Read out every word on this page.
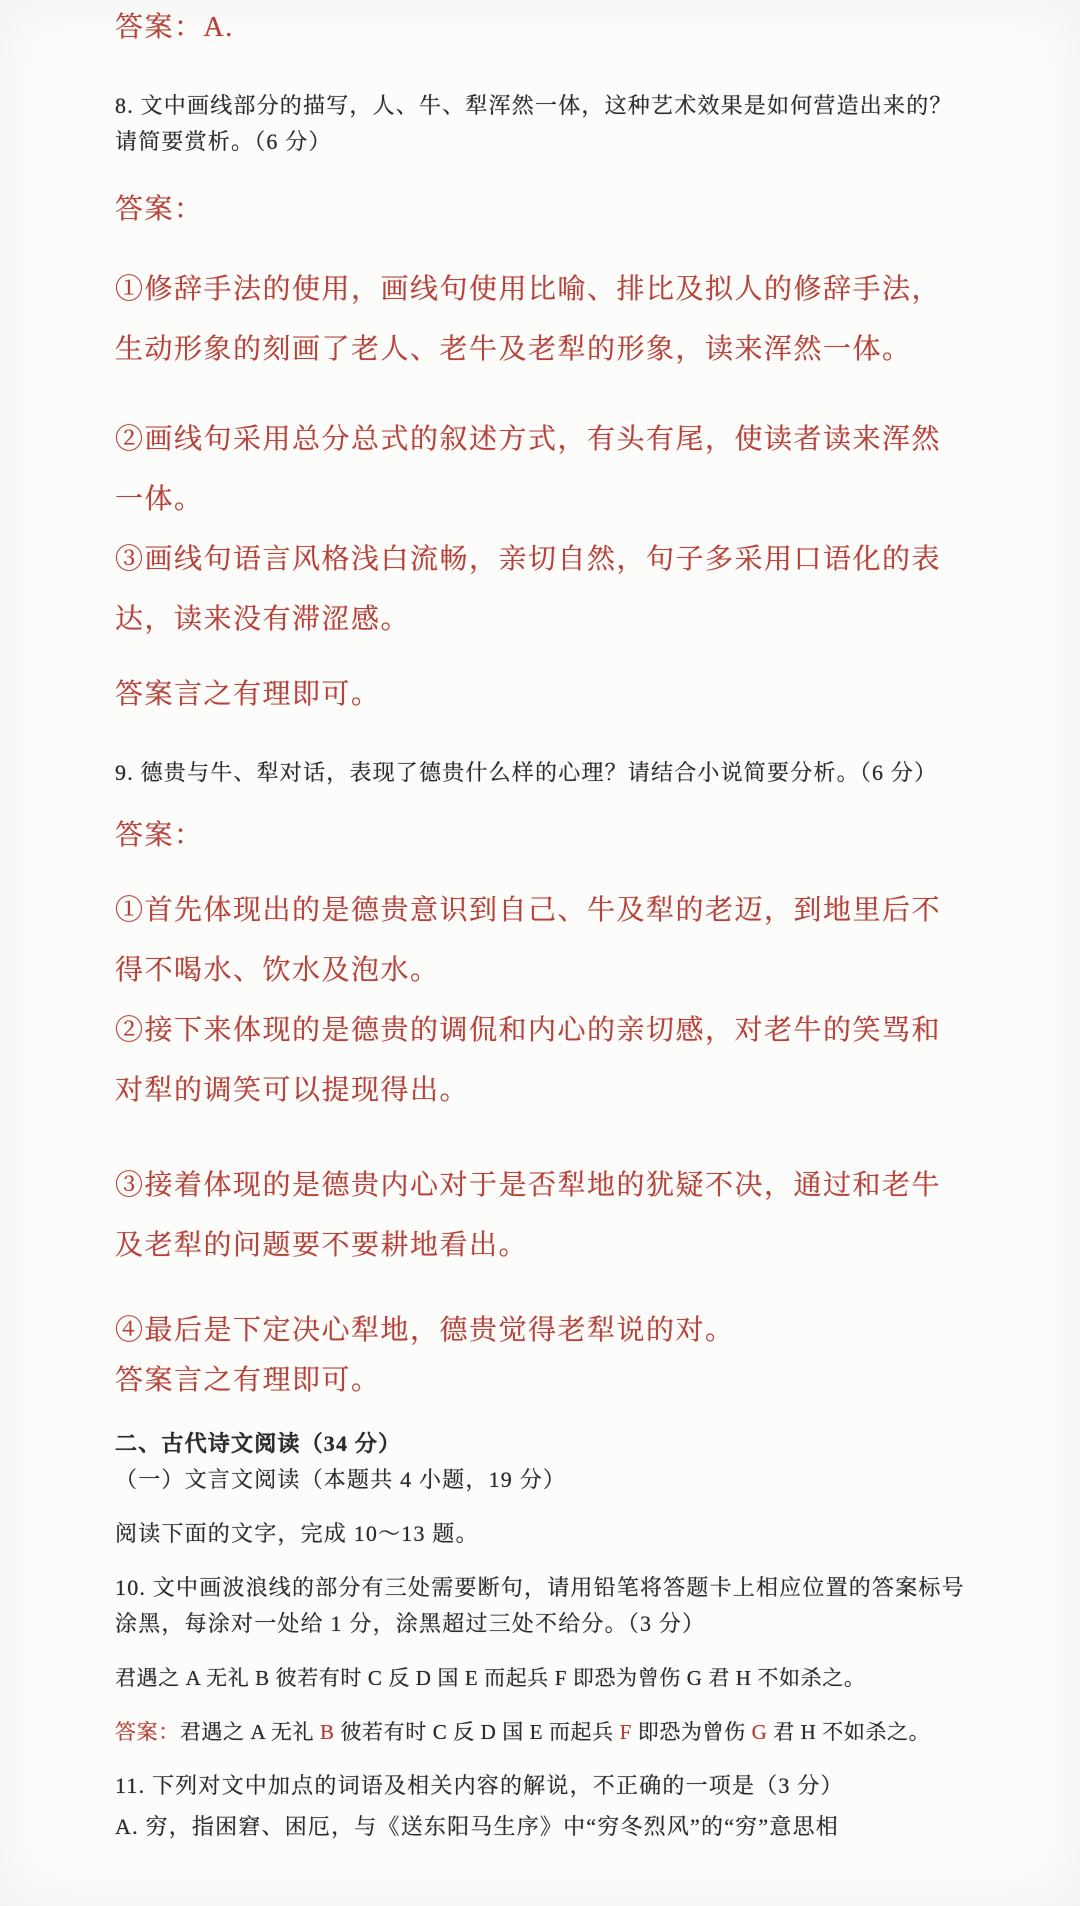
答案：A.

8. 文中画线部分的描写，人、牛、犁浑然一体，这种艺术效果是如何营造出来的？请简要赏析。（6 分）

答案：

①修辞手法的使用，画线句使用比喻、排比及拟人的修辞手法，生动形象的刻画了老人、老牛及老犁的形象，读来浑然一体。

②画线句采用总分总式的叙述方式，有头有尾，使读者读来浑然一体。

③画线句语言风格浅白流畅，亲切自然，句子多采用口语化的表达，读来没有滞涩感。

答案言之有理即可。

9. 德贵与牛、犁对话，表现了德贵什么样的心理？请结合小说简要分析。（6 分）

答案：

①首先体现出的是德贵意识到自己、牛及犁的老迈，到地里后不得不喝水、饮水及泡水。

②接下来体现的是德贵的调侃和内心的亲切感，对老牛的笑骂和对犁的调笑可以提现得出。

③接着体现的是德贵内心对于是否犁地的犹疑不决，通过和老牛及老犁的问题要不要耕地看出。

④最后是下定决心犁地，德贵觉得老犁说的对。

答案言之有理即可。

二、古代诗文阅读（34 分）

（一）文言文阅读（本题共 4 小题，19 分）

阅读下面的文字，完成 10～13 题。

10. 文中画波浪线的部分有三处需要断句，请用铅笔将答题卡上相应位置的答案标号涂黑，每涂对一处给 1 分，涂黑超过三处不给分。（3 分）

君遇之 A 无礼 B 彼若有时 C 反 D 国 E 而起兵 F 即恐为曾伤 G 君 H 不如杀之。

答案：君遇之 A 无礼 B 彼若有时 C 反 D 国 E 而起兵 F 即恐为曾伤 G 君 H 不如杀之。

11. 下列对文中加点的词语及相关内容的解说，不正确的一项是（3 分）

A. 穷，指困窘、困厄，与《送东阳马生序》中“穷冬烈风”的“穷”意思相
